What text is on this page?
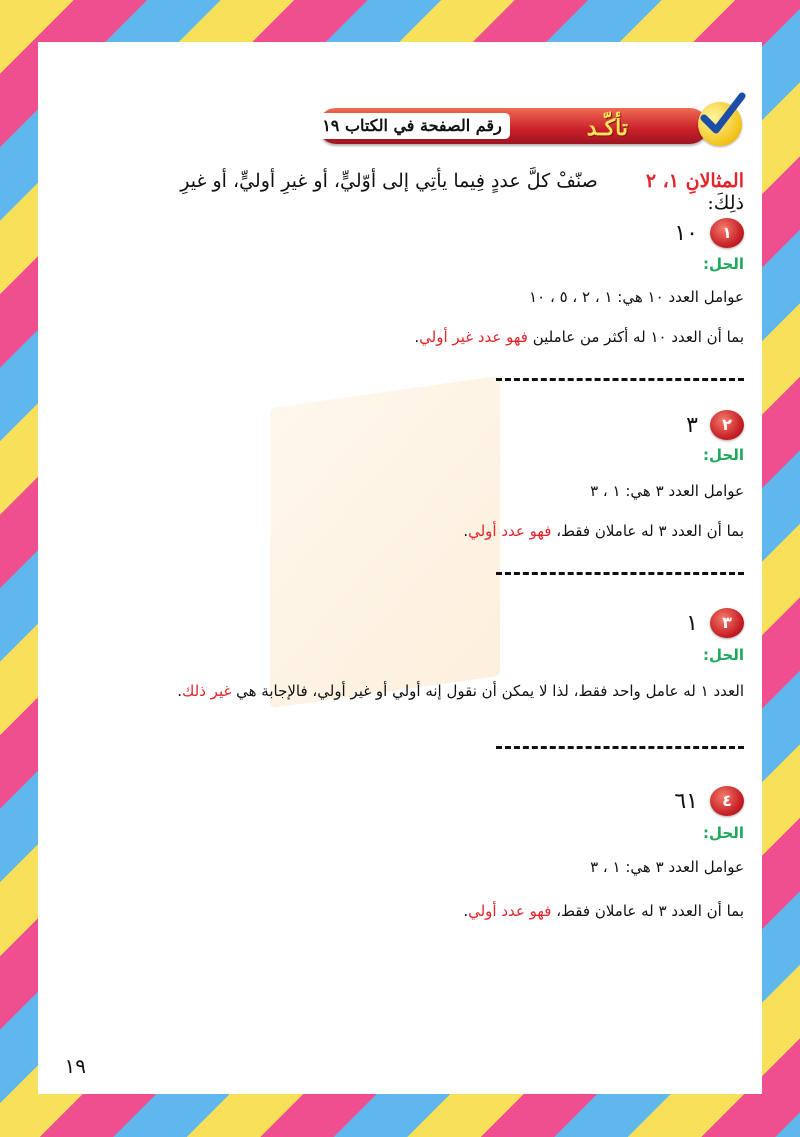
تأكّـد
رقم الصفحة في الكتاب ١٩
المثالانِ ١، ٢ صنّفْ كلَّ عددٍ فِيما يأتِي إلى أوّليٍّ، أو غيرِ أوليٍّ، أو غيرِ ذلِكَ:
١
١٠
الحل:
عوامل العدد ١٠ هي: ١ ، ٢ ، ٥ ، ١٠
بما أن العدد ١٠ له أكثر من عاملين فهو عدد غير أولي.
٢
٣
الحل:
عوامل العدد ٣ هي: ١ ، ٣
بما أن العدد ٣ له عاملان فقط، فهو عدد أولي.
٣
١
الحل:
العدد ١ له عامل واحد فقط، لذا لا يمكن أن نقول إنه أولي أو غير أولي، فالإجابة هي غير ذلك.
٤
٦١
الحل:
عوامل العدد ٣ هي: ١ ، ٣
بما أن العدد ٣ له عاملان فقط، فهو عدد أولي.
١٩
